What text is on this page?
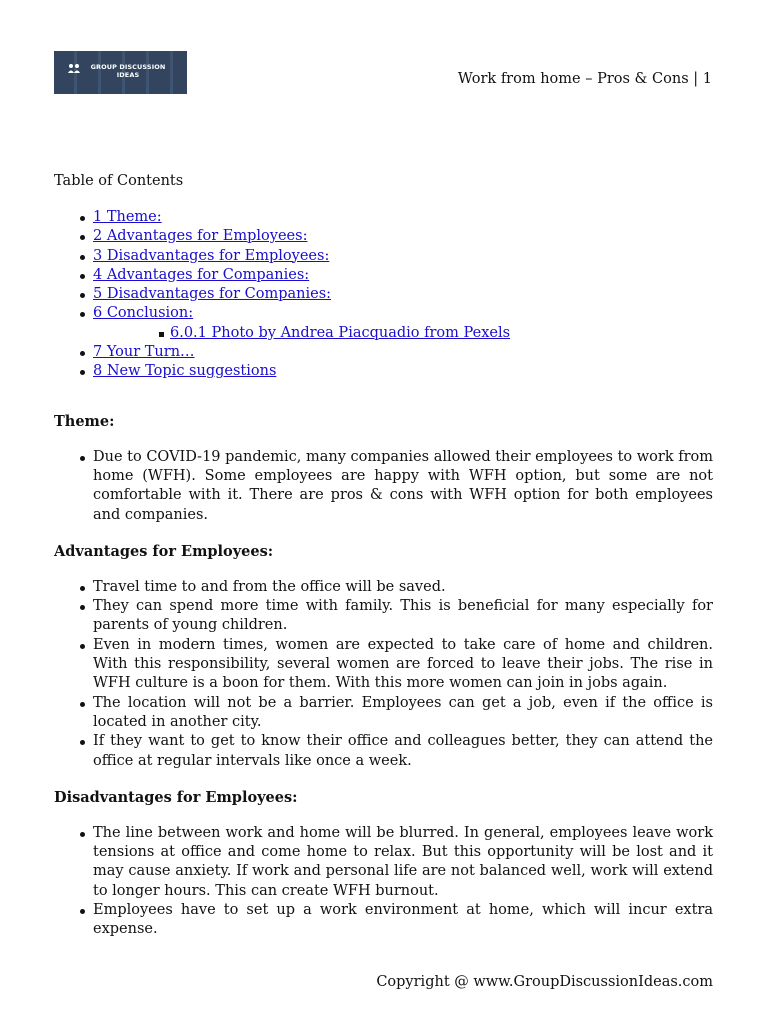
GROUP DISCUSSION IDEAS	Work from home – Pros & Cons | 1

Table of Contents

1 Theme:
2 Advantages for Employees:
3 Disadvantages for Employees:
4 Advantages for Companies:
5 Disadvantages for Companies:
6 Conclusion:
6.0.1 Photo by Andrea Piacquadio from Pexels
7 Your Turn…
8 New Topic suggestions
Theme:
Due to COVID-19 pandemic, many companies allowed their employees to work from home (WFH). Some employees are happy with WFH option, but some are not comfortable with it. There are pros & cons with WFH option for both employees and companies.
Advantages for Employees:
Travel time to and from the office will be saved.
They can spend more time with family. This is beneficial for many especially for parents of young children.
Even in modern times, women are expected to take care of home and children. With this responsibility, several women are forced to leave their jobs. The rise in WFH culture is a boon for them. With this more women can join in jobs again.
The location will not be a barrier. Employees can get a job, even if the office is located in another city.
If they want to get to know their office and colleagues better, they can attend the office at regular intervals like once a week.
Disadvantages for Employees:
The line between work and home will be blurred. In general, employees leave work tensions at office and come home to relax. But this opportunity will be lost and it may cause anxiety. If work and personal life are not balanced well, work will extend to longer hours. This can create WFH burnout.
Employees have to set up a work environment at home, which will incur extra expense.
Copyright @ www.GroupDiscussionIdeas.com
